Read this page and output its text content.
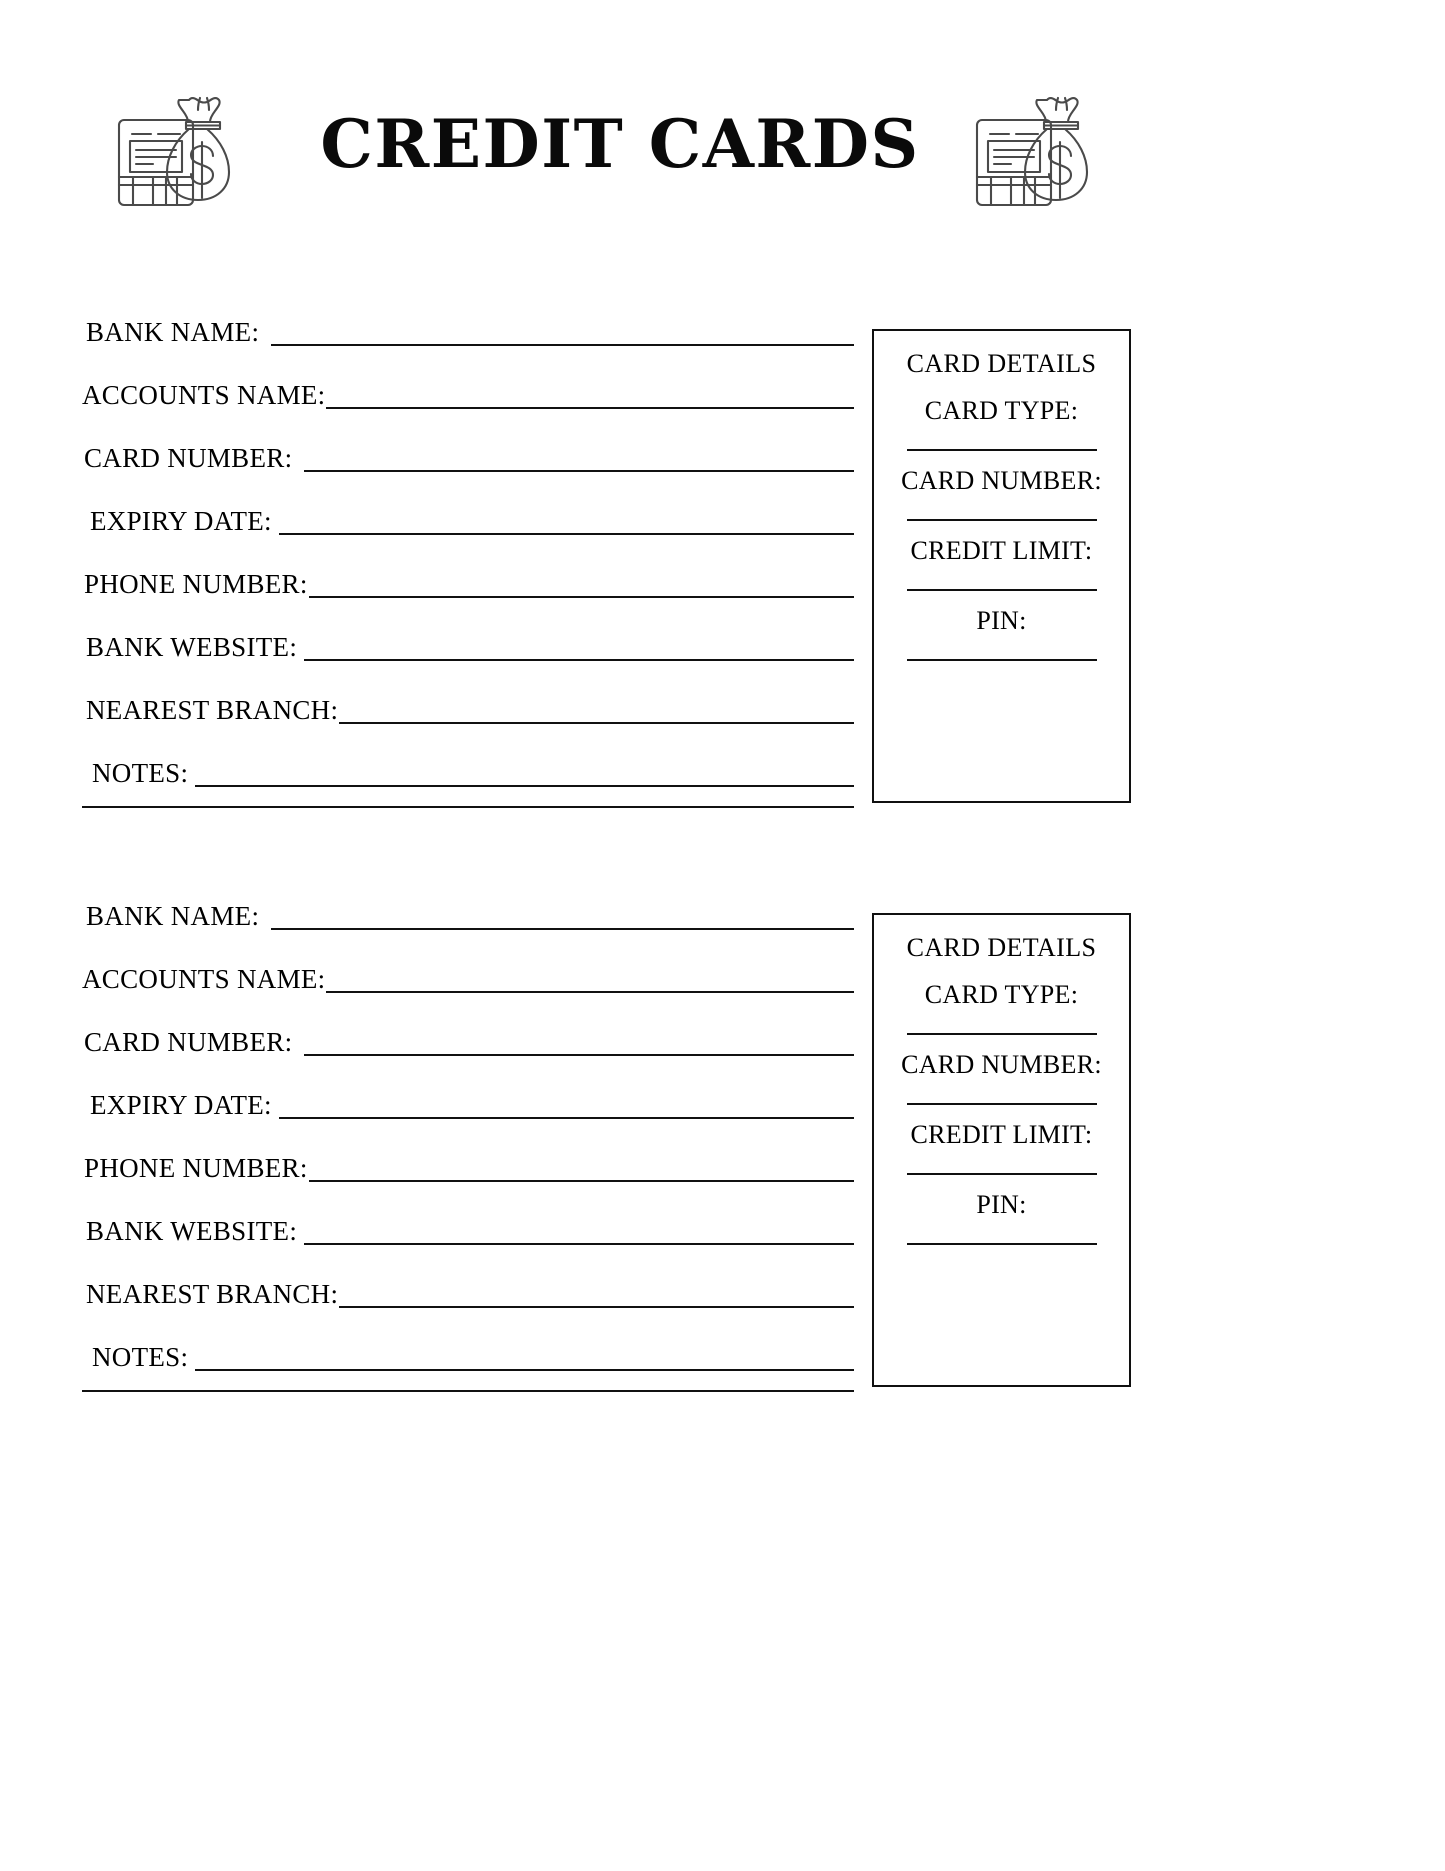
CREDIT CARDS
BANK NAME:
ACCOUNTS NAME:
CARD NUMBER:
EXPIRY DATE:
PHONE NUMBER:
BANK WEBSITE:
NEAREST BRANCH:
NOTES:
CARD DETAILS
CARD TYPE:
CARD NUMBER:
CREDIT LIMIT:
PIN:
BANK NAME:
ACCOUNTS NAME:
CARD NUMBER:
EXPIRY DATE:
PHONE NUMBER:
BANK WEBSITE:
NEAREST BRANCH:
NOTES:
CARD DETAILS
CARD TYPE:
CARD NUMBER:
CREDIT LIMIT:
PIN:
